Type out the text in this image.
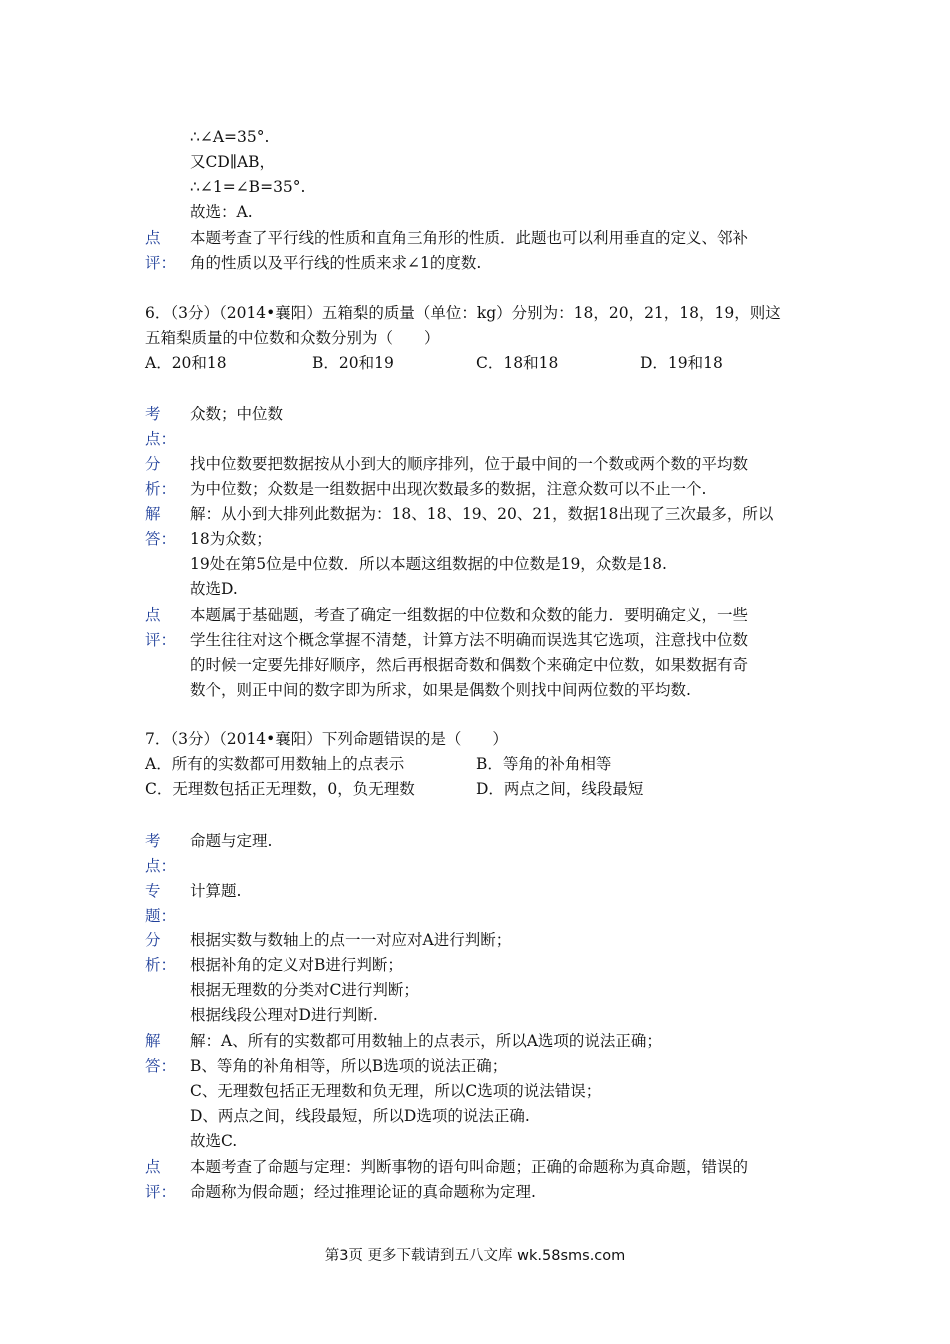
∴∠A=35°.
又CD∥AB，
∴∠1=∠B=35°.
故选：A.
点
评：
本题考查了平行线的性质和直角三角形的性质．此题也可以利用垂直的定义、邻补
角的性质以及平行线的性质来求∠1的度数.
6．（3分）（2014•襄阳）五箱梨的质量（单位：kg）分别为：18，20，21，18，19，则这
五箱梨质量的中位数和众数分别为（　　）
A．20和18	B．20和19	C．18和18	D．19和18
考
点：
众数；中位数
分
析：
找中位数要把数据按从小到大的顺序排列，位于最中间的一个数或两个数的平均数
为中位数；众数是一组数据中出现次数最多的数据，注意众数可以不止一个.
解
答：
解：从小到大排列此数据为：18、18、19、20、21，数据18出现了三次最多，所以
18为众数；
19处在第5位是中位数．所以本题这组数据的中位数是19，众数是18.
故选D.
点
评：
本题属于基础题，考查了确定一组数据的中位数和众数的能力．要明确定义，一些
学生往往对这个概念掌握不清楚，计算方法不明确而误选其它选项，注意找中位数
的时候一定要先排好顺序，然后再根据奇数和偶数个来确定中位数，如果数据有奇
数个，则正中间的数字即为所求，如果是偶数个则找中间两位数的平均数.
7．（3分）（2014•襄阳）下列命题错误的是（　　）
A．所有的实数都可用数轴上的点表示	B．等角的补角相等
C．无理数包括正无理数，0，负无理数	D．两点之间，线段最短
考
点：
命题与定理.
专
题：
计算题.
分
析：
根据实数与数轴上的点一一对应对A进行判断；
根据补角的定义对B进行判断；
根据无理数的分类对C进行判断；
根据线段公理对D进行判断.
解
答：
解：A、所有的实数都可用数轴上的点表示，所以A选项的说法正确；
B、等角的补角相等，所以B选项的说法正确；
C、无理数包括正无理数和负无理，所以C选项的说法错误；
D、两点之间，线段最短，所以D选项的说法正确.
故选C.
点
评：
本题考查了命题与定理：判断事物的语句叫命题；正确的命题称为真命题，错误的
命题称为假命题；经过推理论证的真命题称为定理.
第3页 更多下载请到五八文库 wk.58sms.com
